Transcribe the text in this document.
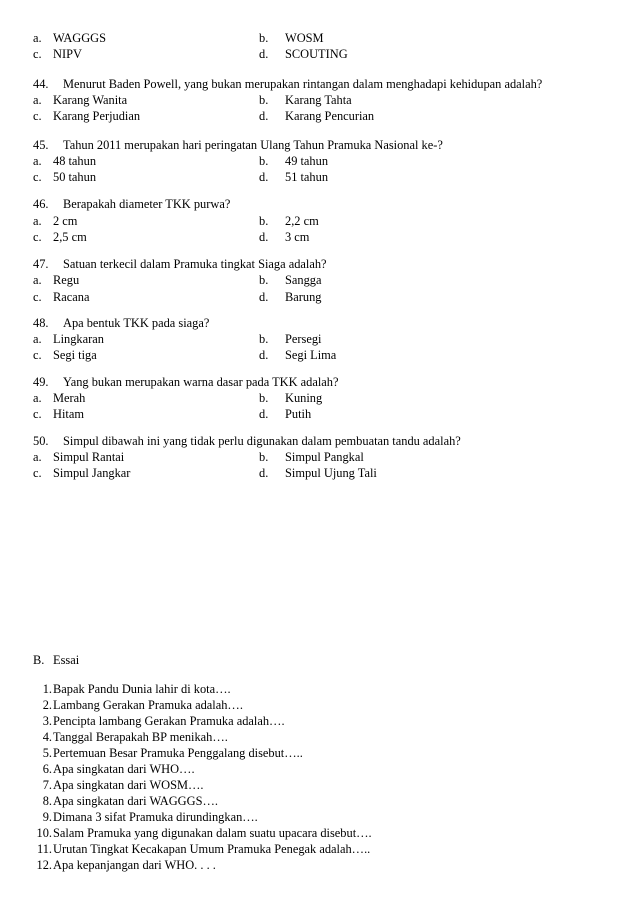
a. WAGGGS	b. WOSM
c. NIPV	d. SCOUTING
44. Menurut Baden Powell, yang bukan merupakan rintangan dalam menghadapi kehidupan adalah?
a. Karang Wanita	b. Karang Tahta
c. Karang Perjudian	d. Karang Pencurian
45. Tahun 2011 merupakan hari peringatan Ulang Tahun Pramuka Nasional ke-?
a. 48 tahun	b. 49 tahun
c. 50 tahun	d. 51 tahun
46. Berapakah diameter TKK purwa?
a. 2 cm	b. 2,2 cm
c. 2,5 cm	d. 3 cm
47. Satuan terkecil dalam Pramuka tingkat Siaga adalah?
a. Regu	b. Sangga
c. Racana	d. Barung
48. Apa bentuk TKK pada siaga?
a. Lingkaran	b. Persegi
c. Segi tiga	d. Segi Lima
49. Yang bukan merupakan warna dasar pada TKK adalah?
a. Merah	b. Kuning
c. Hitam	d. Putih
50. Simpul dibawah ini yang tidak perlu digunakan dalam pembuatan tandu adalah?
a. Simpul Rantai	b. Simpul Pangkal
c. Simpul Jangkar	d. Simpul Ujung Tali
B. Essai
1. Bapak Pandu Dunia lahir di kota….
2. Lambang Gerakan Pramuka adalah….
3. Pencipta lambang Gerakan Pramuka adalah….
4. Tanggal Berapakah BP menikah….
5. Pertemuan Besar Pramuka Penggalang disebut…..
6. Apa singkatan dari WHO….
7. Apa singkatan dari WOSM….
8. Apa singkatan dari WAGGGS….
9. Dimana 3 sifat Pramuka dirundingkan….
10. Salam Pramuka yang digunakan dalam suatu upacara disebut….
11. Urutan Tingkat Kecakapan Umum Pramuka Penegak adalah…..
12. Apa kepanjangan dari WHO. . . .
